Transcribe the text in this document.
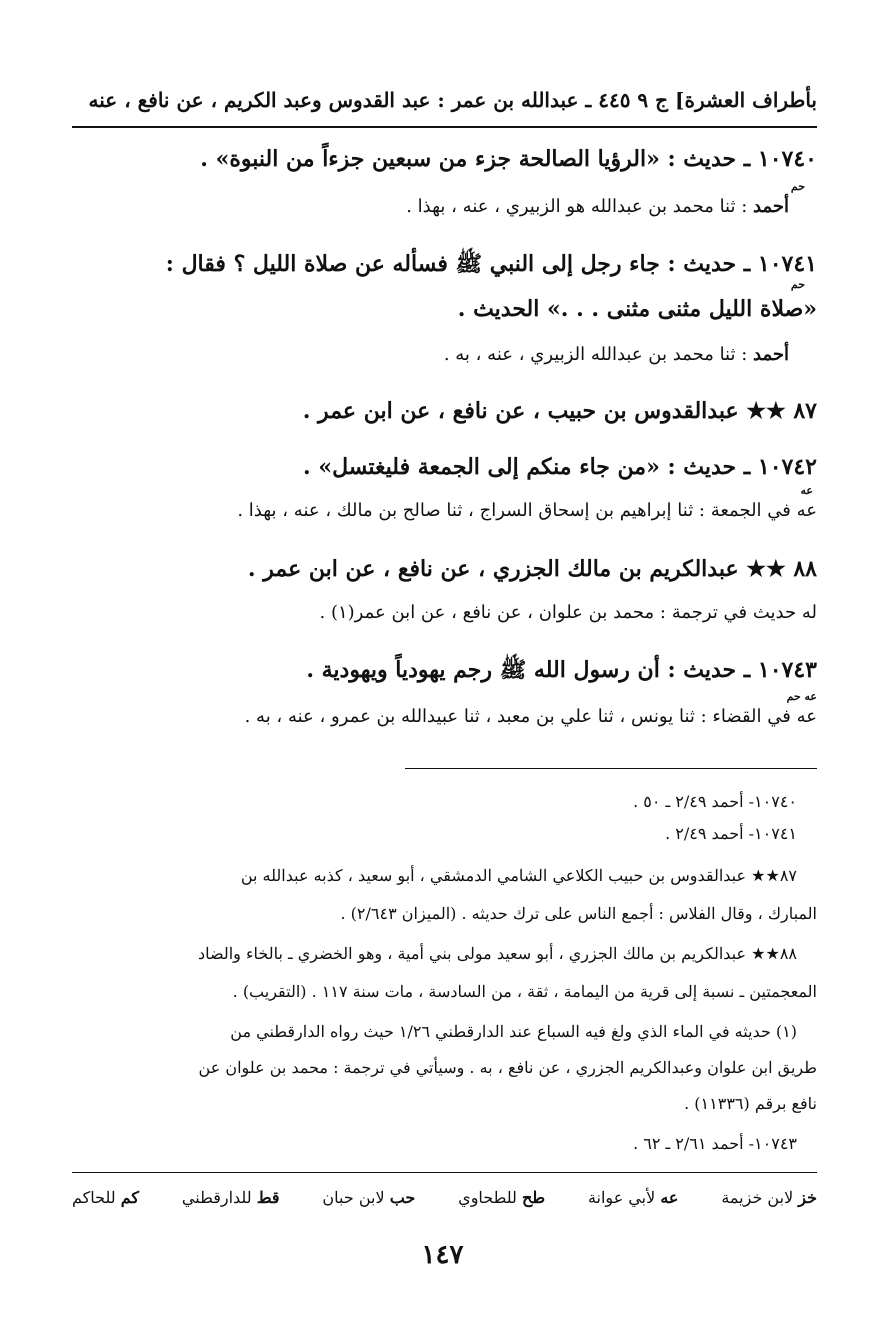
بأطراف العشرة] ج ٩ ٤٤٥ ـ عبدالله بن عمر : عبد القدوس وعبد الكريم ، عن نافع ، عنه
١٠٧٤٠ ـ حديث : «الرؤيا الصالحة جزء من سبعين جزءاً من النبوة» .
حم
أحمد : ثنا محمد بن عبدالله هو الزبيري ، عنه ، بهذا .
١٠٧٤١ ـ حديث : جاء رجل إلى النبي ﷺ فسأله عن صلاة الليل ؟ فقال :
حم
«صلاة الليل مثنى مثنى . . .» الحديث .
أحمد : ثنا محمد بن عبدالله الزبيري ، عنه ، به .
٨٧ ★★ عبدالقدوس بن حبيب ، عن نافع ، عن ابن عمر .
١٠٧٤٢ ـ حديث : «من جاء منكم إلى الجمعة فليغتسل» .
عه
عه في الجمعة : ثنا إبراهيم بن إسحاق السراج ، ثنا صالح بن مالك ، عنه ، بهذا .
٨٨ ★★ عبدالكريم بن مالك الجزري ، عن نافع ، عن ابن عمر .
له حديث في ترجمة : محمد بن علوان ، عن نافع ، عن ابن عمر(١) .
١٠٧٤٣ ـ حديث : أن رسول الله ﷺ رجم يهودياً ويهودية .
عه حم
عه في القضاء : ثنا يونس ، ثنا علي بن معبد ، ثنا عبيدالله بن عمرو ، عنه ، به .
١٠٧٤٠- أحمد ٢/٤٩ ـ ٥٠ .
١٠٧٤١- أحمد ٢/٤٩ .
٨٧★★ عبدالقدوس بن حبيب الكلاعي الشامي الدمشقي ، أبو سعيد ، كذبه عبدالله بن
المبارك ، وقال الفلاس : أجمع الناس على ترك حديثه . (الميزان ٢/٦٤٣) .
٨٨★★ عبدالكريم بن مالك الجزري ، أبو سعيد مولى بني أمية ، وهو الخضري ـ بالخاء والضاد
المعجمتين ـ نسبة إلى قرية من اليمامة ، ثقة ، من السادسة ، مات سنة ١١٧ . (التقريب) .
(١) حديثه في الماء الذي ولغ فيه السباع عند الدارقطني ١/٢٦ حيث رواه الدارقطني من
طريق ابن علوان وعبدالكريم الجزري ، عن نافع ، به . وسيأتي في ترجمة : محمد بن علوان عن
نافع برقم (١١٣٣٦) .
١٠٧٤٣- أحمد ٢/٦١ ـ ٦٢ .
خز لابن خزيمة
عه لأبي عوانة
طح للطحاوي
حب لابن حبان
قط للدارقطني
كم للحاكم
١٤٧
